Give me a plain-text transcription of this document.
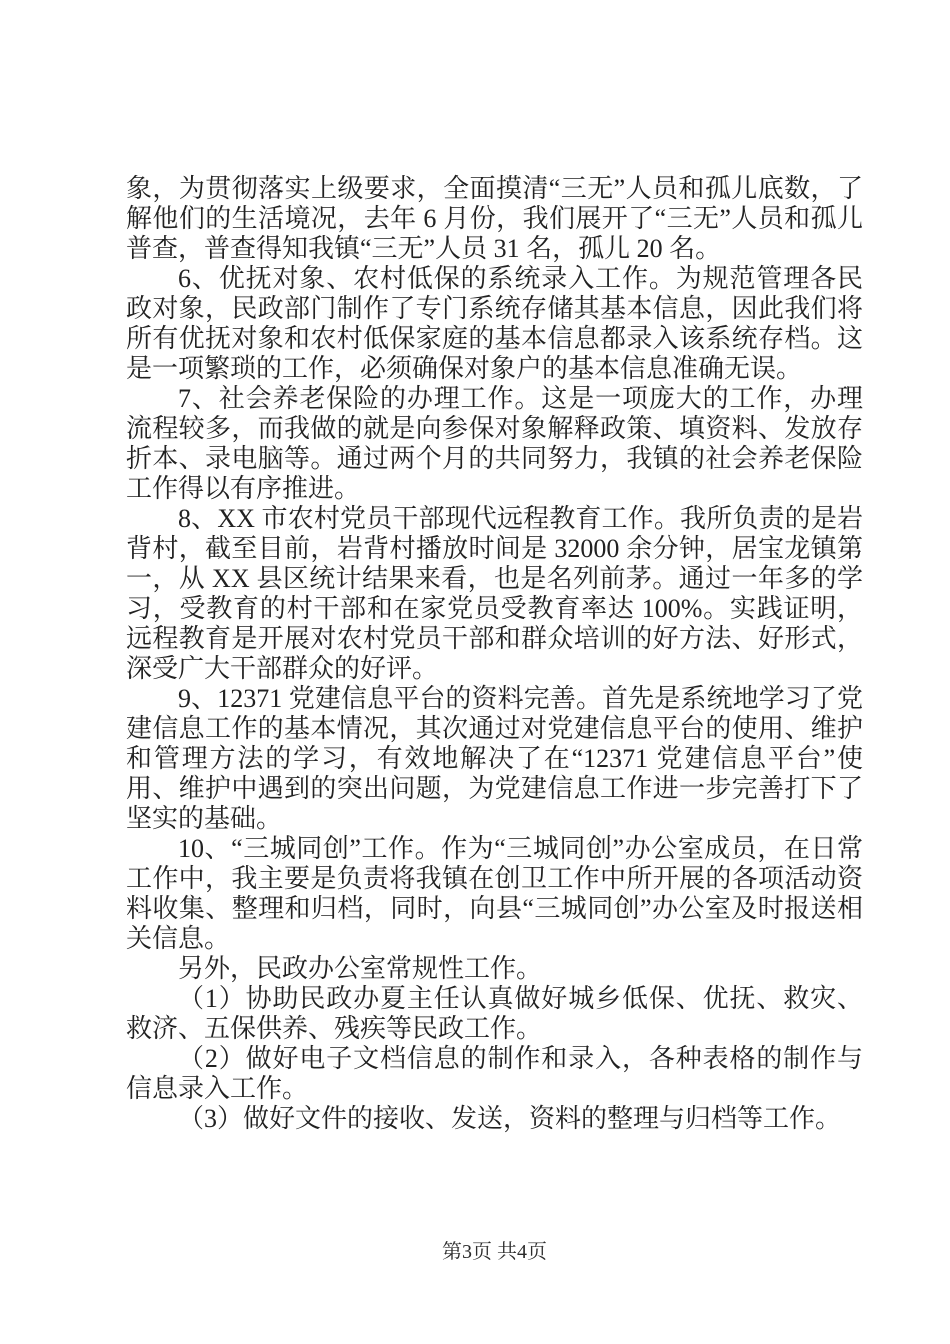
象，为贯彻落实上级要求，全面摸清“三无”人员和孤儿底数，了解他们的生活境况，去年 6 月份，我们展开了“三无”人员和孤儿普查，普查得知我镇“三无”人员 31 名，孤儿 20 名。

6、优抚对象、农村低保的系统录入工作。为规范管理各民政对象，民政部门制作了专门系统存储其基本信息，因此我们将所有优抚对象和农村低保家庭的基本信息都录入该系统存档。这是一项繁琐的工作，必须确保对象户的基本信息准确无误。

7、社会养老保险的办理工作。这是一项庞大的工作，办理流程较多，而我做的就是向参保对象解释政策、填资料、发放存折本、录电脑等。通过两个月的共同努力，我镇的社会养老保险工作得以有序推进。

8、XX 市农村党员干部现代远程教育工作。我所负责的是岩背村，截至目前，岩背村播放时间是 32000 余分钟，居宝龙镇第一，从 XX 县区统计结果来看，也是名列前茅。通过一年多的学习，受教育的村干部和在家党员受教育率达 100%。实践证明，远程教育是开展对农村党员干部和群众培训的好方法、好形式，深受广大干部群众的好评。

9、12371 党建信息平台的资料完善。首先是系统地学习了党建信息工作的基本情况，其次通过对党建信息平台的使用、维护和管理方法的学习，有效地解决了在“12371 党建信息平台”使用、维护中遇到的突出问题，为党建信息工作进一步完善打下了坚实的基础。

10、“三城同创”工作。作为“三城同创”办公室成员，在日常工作中，我主要是负责将我镇在创卫工作中所开展的各项活动资料收集、整理和归档，同时，向县“三城同创”办公室及时报送相关信息。

另外，民政办公室常规性工作。

（1）协助民政办夏主任认真做好城乡低保、优抚、救灾、救济、五保供养、残疾等民政工作。

（2）做好电子文档信息的制作和录入，各种表格的制作与信息录入工作。

（3）做好文件的接收、发送，资料的整理与归档等工作。

第3页 共4页
